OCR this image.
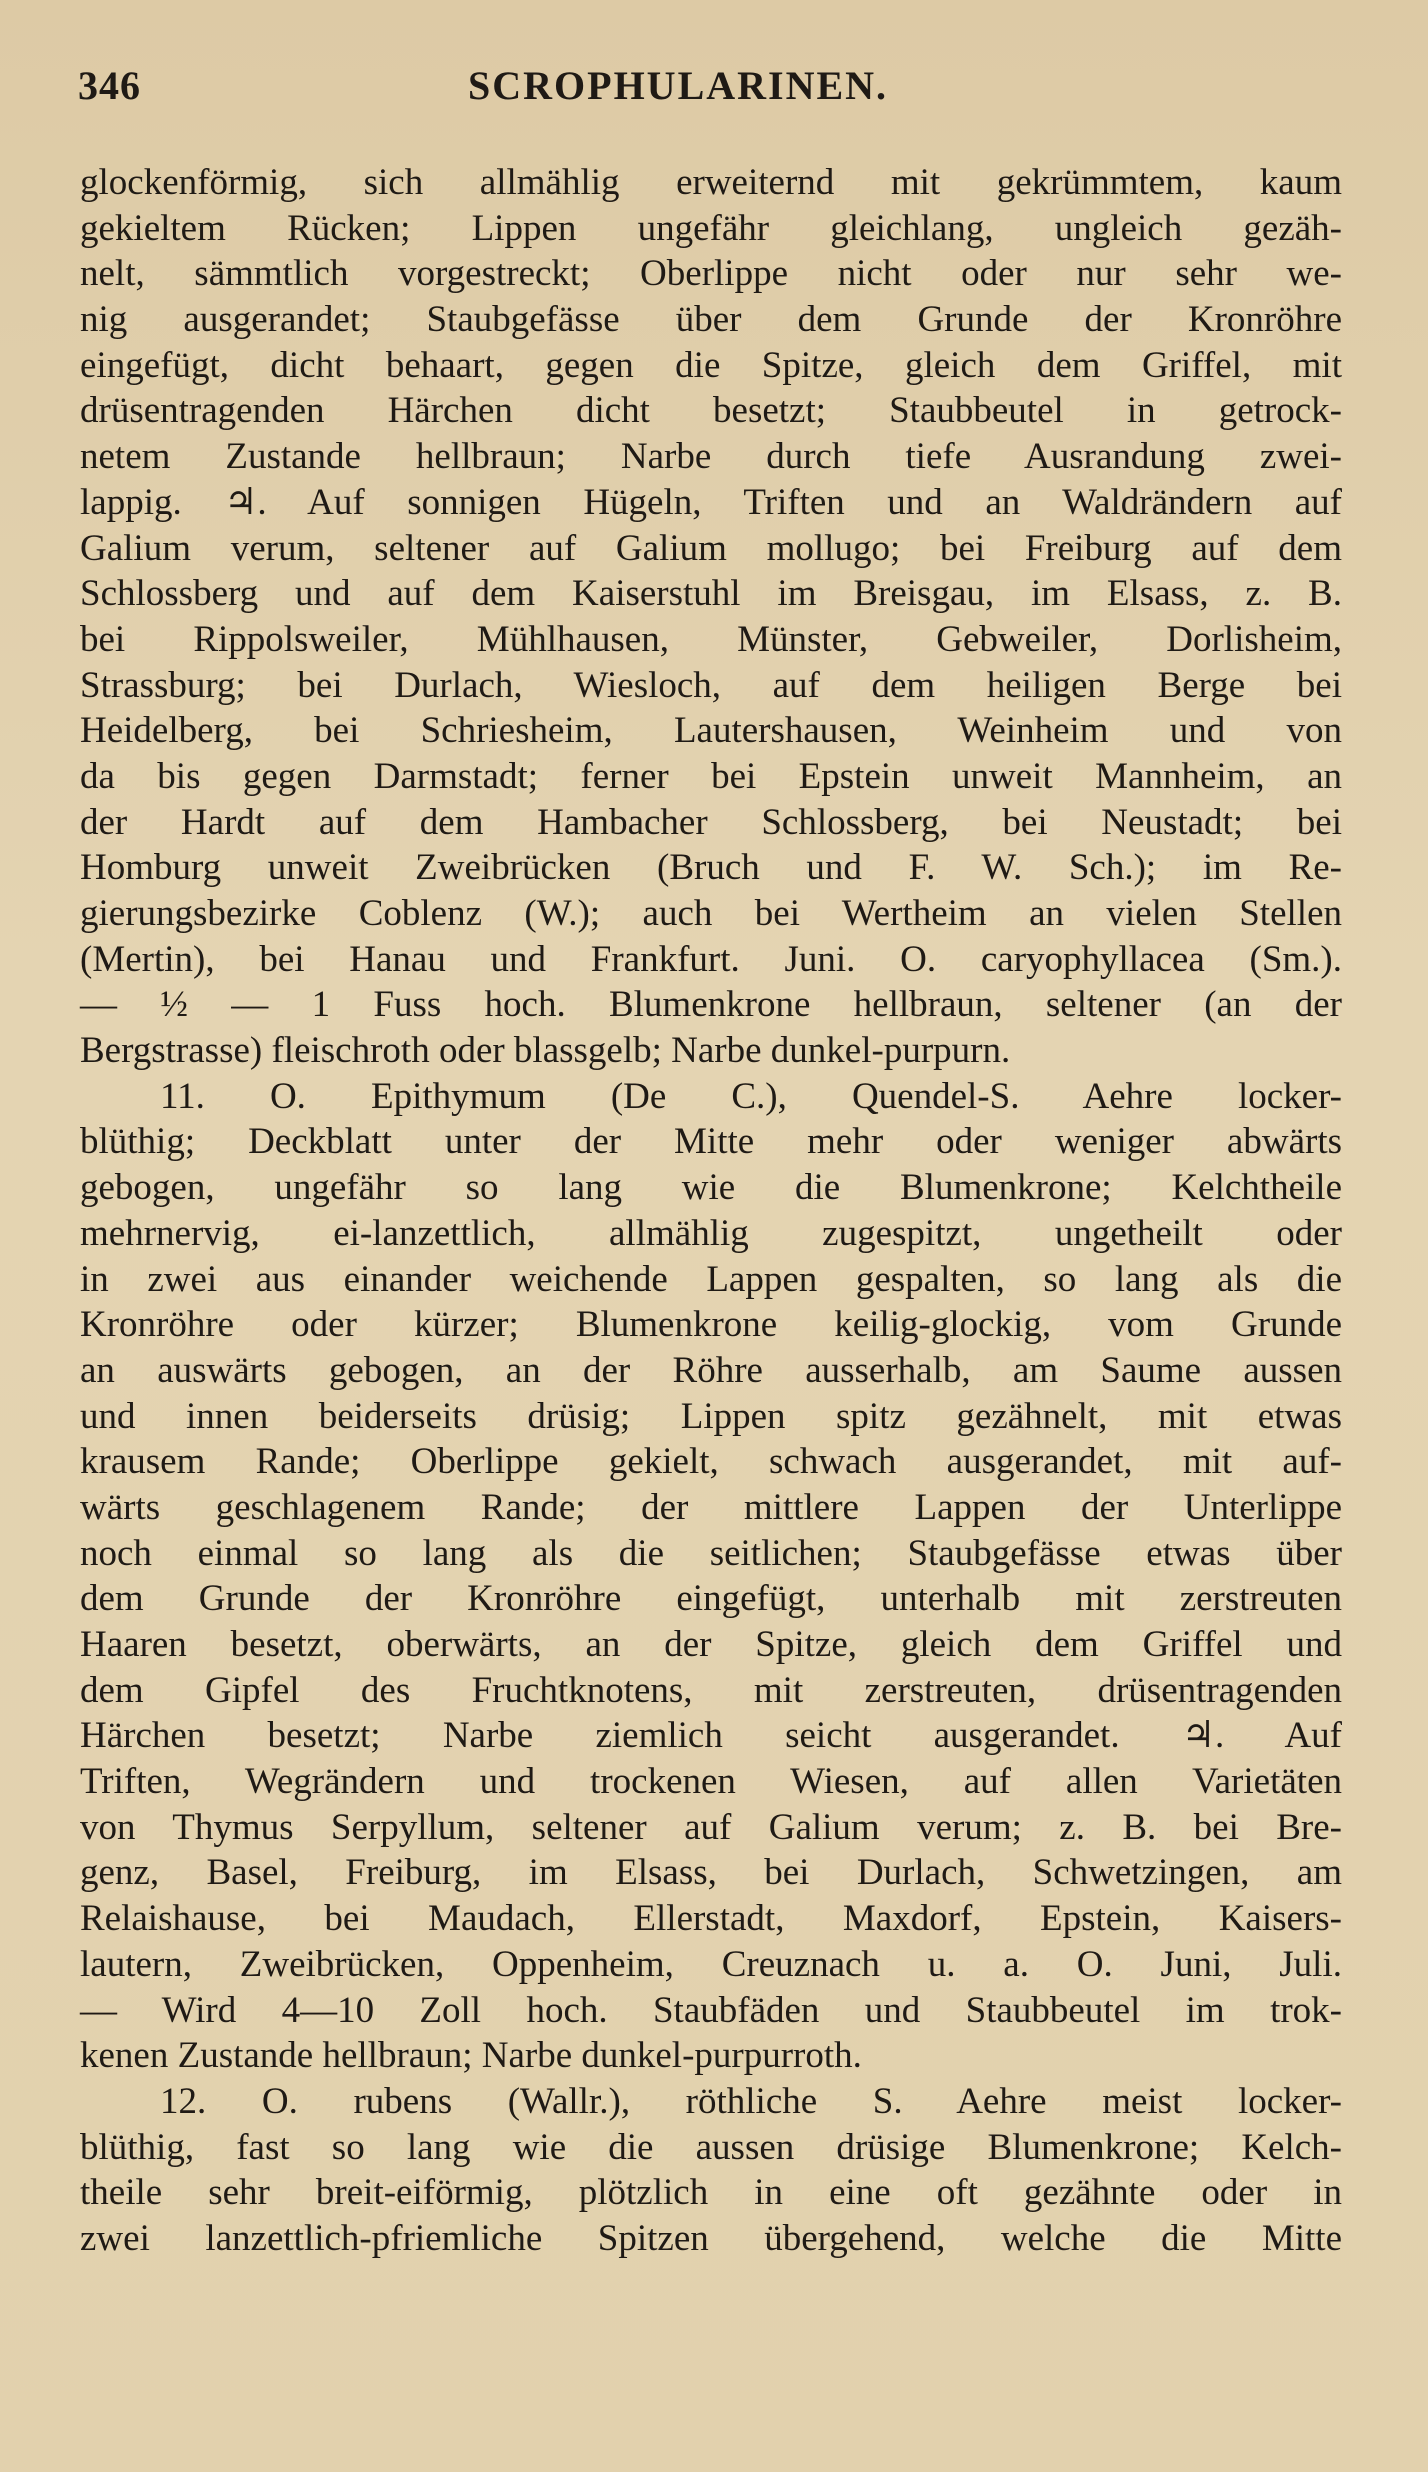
346	SCROPHULARINEN.
glockenförmig, sich allmählig erweiternd mit gekrümmtem, kaum
gekieltem Rücken; Lippen ungefähr gleichlang, ungleich gezäh-
nelt, sämmtlich vorgestreckt; Oberlippe nicht oder nur sehr we-
nig ausgerandet; Staubgefässe über dem Grunde der Kronröhre
eingefügt, dicht behaart, gegen die Spitze, gleich dem Griffel, mit
drüsentragenden Härchen dicht besetzt; Staubbeutel in getrock-
netem Zustande hellbraun; Narbe durch tiefe Ausrandung zwei-
lappig. ♃. Auf sonnigen Hügeln, Triften und an Waldrändern auf
Galium verum, seltener auf Galium mollugo; bei Freiburg auf dem
Schlossberg und auf dem Kaiserstuhl im Breisgau, im Elsass, z. B.
bei Rippolsweiler, Mühlhausen, Münster, Gebweiler, Dorlisheim,
Strassburg; bei Durlach, Wiesloch, auf dem heiligen Berge bei
Heidelberg, bei Schriesheim, Lautershausen, Weinheim und von
da bis gegen Darmstadt; ferner bei Epstein unweit Mannheim, an
der Hardt auf dem Hambacher Schlossberg, bei Neustadt; bei
Homburg unweit Zweibrücken (Bruch und F. W. Sch.); im Re-
gierungsbezirke Coblenz (W.); auch bei Wertheim an vielen Stellen
(Mertin), bei Hanau und Frankfurt. Juni. O. caryophyllacea (Sm.).
— ½ — 1 Fuss hoch. Blumenkrone hellbraun, seltener (an der
Bergstrasse) fleischroth oder blassgelb; Narbe dunkel-purpurn.
11. O. Epithymum (De C.), Quendel-S. Aehre locker-
blüthig; Deckblatt unter der Mitte mehr oder weniger abwärts
gebogen, ungefähr so lang wie die Blumenkrone; Kelchtheile
mehrnervig, ei-lanzettlich, allmählig zugespitzt, ungetheilt oder
in zwei aus einander weichende Lappen gespalten, so lang als die
Kronröhre oder kürzer; Blumenkrone keilig-glockig, vom Grunde
an auswärts gebogen, an der Röhre ausserhalb, am Saume aussen
und innen beiderseits drüsig; Lippen spitz gezähnelt, mit etwas
krausem Rande; Oberlippe gekielt, schwach ausgerandet, mit auf-
wärts geschlagenem Rande; der mittlere Lappen der Unterlippe
noch einmal so lang als die seitlichen; Staubgefässe etwas über
dem Grunde der Kronröhre eingefügt, unterhalb mit zerstreuten
Haaren besetzt, oberwärts, an der Spitze, gleich dem Griffel und
dem Gipfel des Fruchtknotens, mit zerstreuten, drüsentragenden
Härchen besetzt; Narbe ziemlich seicht ausgerandet. ♃. Auf
Triften, Wegrändern und trockenen Wiesen, auf allen Varietäten
von Thymus Serpyllum, seltener auf Galium verum; z. B. bei Bre-
genz, Basel, Freiburg, im Elsass, bei Durlach, Schwetzingen, am
Relaishause, bei Maudach, Ellerstadt, Maxdorf, Epstein, Kaisers-
lautern, Zweibrücken, Oppenheim, Creuznach u. a. O. Juni, Juli.
— Wird 4—10 Zoll hoch. Staubfäden und Staubbeutel im trok-
kenen Zustande hellbraun; Narbe dunkel-purpurroth.
12. O. rubens (Wallr.), röthliche S. Aehre meist locker-
blüthig, fast so lang wie die aussen drüsige Blumenkrone; Kelch-
theile sehr breit-eiförmig, plötzlich in eine oft gezähnte oder in
zwei lanzettlich-pfriemliche Spitzen übergehend, welche die Mitte
